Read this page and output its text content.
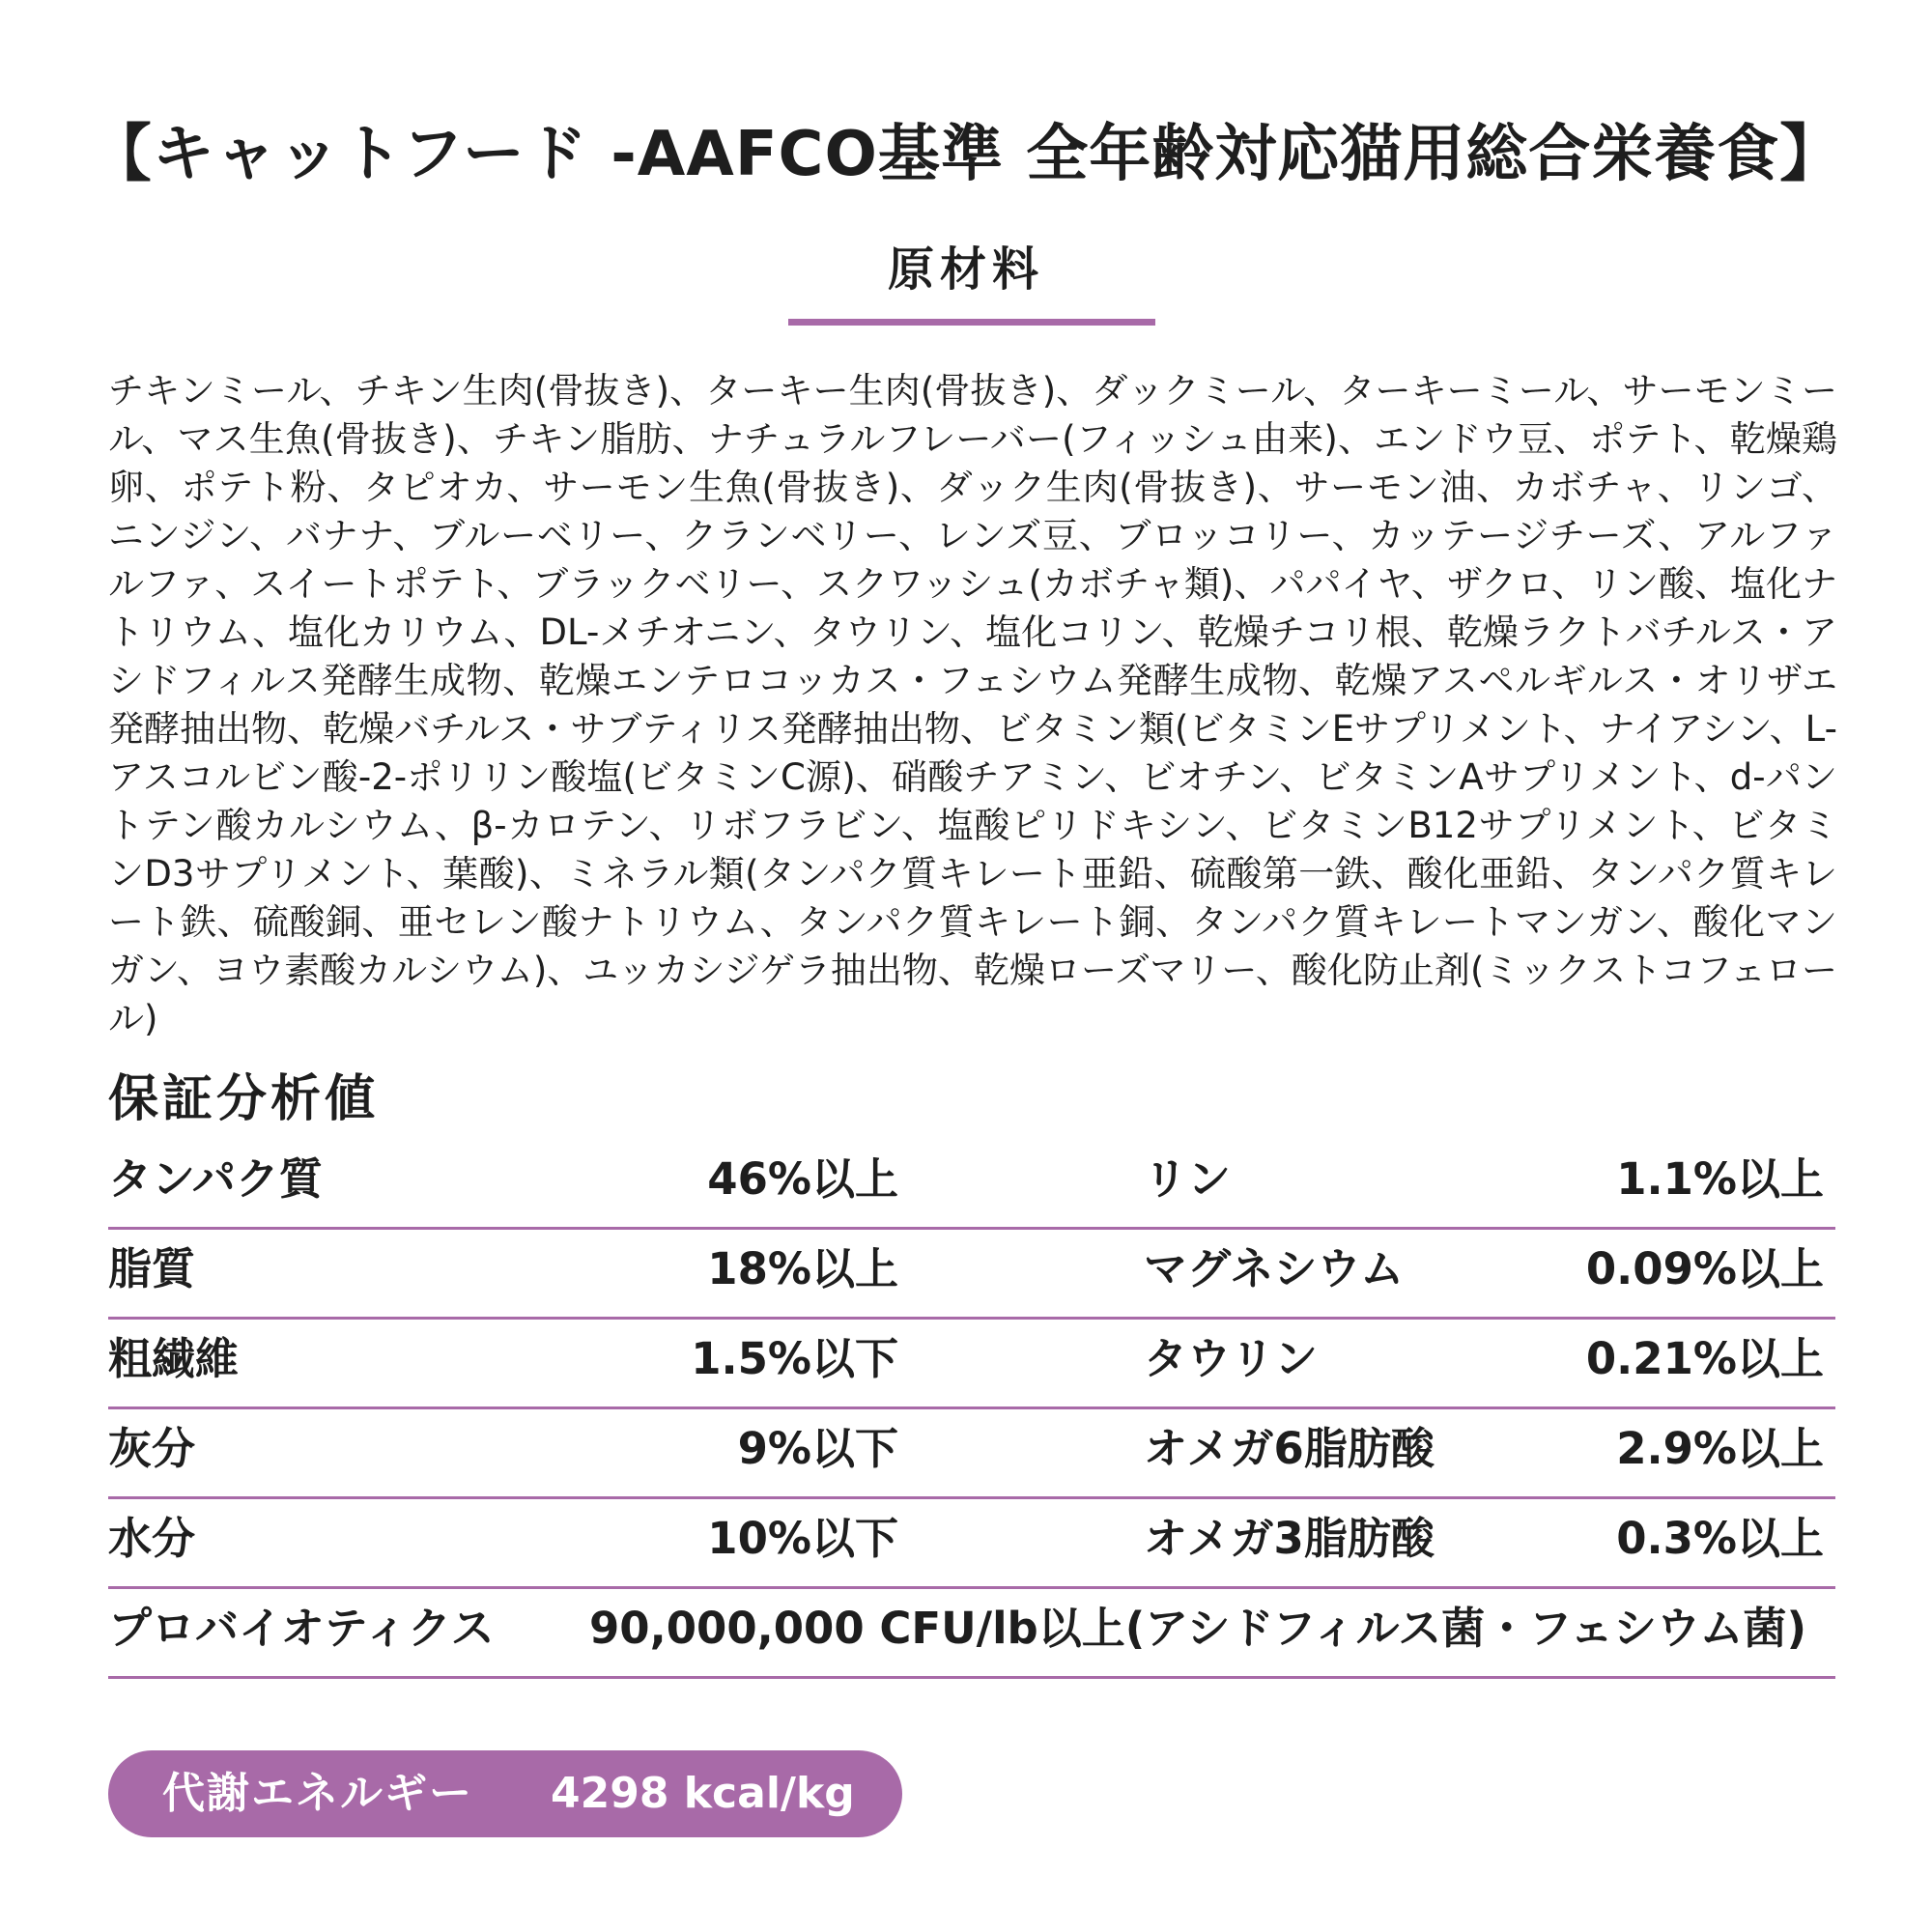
【キャットフード -AAFCO基準 全年齢対応猫用総合栄養食】
原材料
チキンミール、チキン生肉(骨抜き)、ターキー生肉(骨抜き)、ダックミール、ターキーミール、サーモンミール、マス生魚(骨抜き)、チキン脂肪、ナチュラルフレーバー(フィッシュ由来)、エンドウ豆、ポテト、乾燥鶏卵、ポテト粉、タピオカ、サーモン生魚(骨抜き)、ダック生肉(骨抜き)、サーモン油、カボチャ、リンゴ、ニンジン、バナナ、ブルーベリー、クランベリー、レンズ豆、ブロッコリー、カッテージチーズ、アルファルファ、スイートポテト、ブラックベリー、スクワッシュ(カボチャ類)、パパイヤ、ザクロ、リン酸、塩化ナトリウム、塩化カリウム、DL-メチオニン、タウリン、塩化コリン、乾燥チコリ根、乾燥ラクトバチルス・アシドフィルス発酵生成物、乾燥エンテロコッカス・フェシウム発酵生成物、乾燥アスペルギルス・オリザエ発酵抽出物、乾燥バチルス・サブティリス発酵抽出物、ビタミン類(ビタミンEサプリメント、ナイアシン、L-アスコルビン酸-2-ポリリン酸塩(ビタミンC源)、硝酸チアミン、ビオチン、ビタミンAサプリメント、d-パントテン酸カルシウム、β-カロテン、リボフラビン、塩酸ピリドキシン、ビタミンB12サプリメント、ビタミンD3サプリメント、葉酸)、ミネラル類(タンパク質キレート亜鉛、硫酸第一鉄、酸化亜鉛、タンパク質キレート鉄、硫酸銅、亜セレン酸ナトリウム、タンパク質キレート銅、タンパク質キレートマンガン、酸化マンガン、ヨウ素酸カルシウム)、ユッカシジゲラ抽出物、乾燥ローズマリー、酸化防止剤(ミックストコフェロール)
保証分析値
タンパク質	46%以上	リン	1.1%以上
脂質	18%以上	マグネシウム	0.09%以上
粗繊維	1.5%以下	タウリン	0.21%以上
灰分	9%以下	オメガ6脂肪酸	2.9%以上
水分	10%以下	オメガ3脂肪酸	0.3%以上
プロバイオティクス 90,000,000 CFU/lb以上(アシドフィルス菌・フェシウム菌)
代謝エネルギー 4298 kcal/kg
